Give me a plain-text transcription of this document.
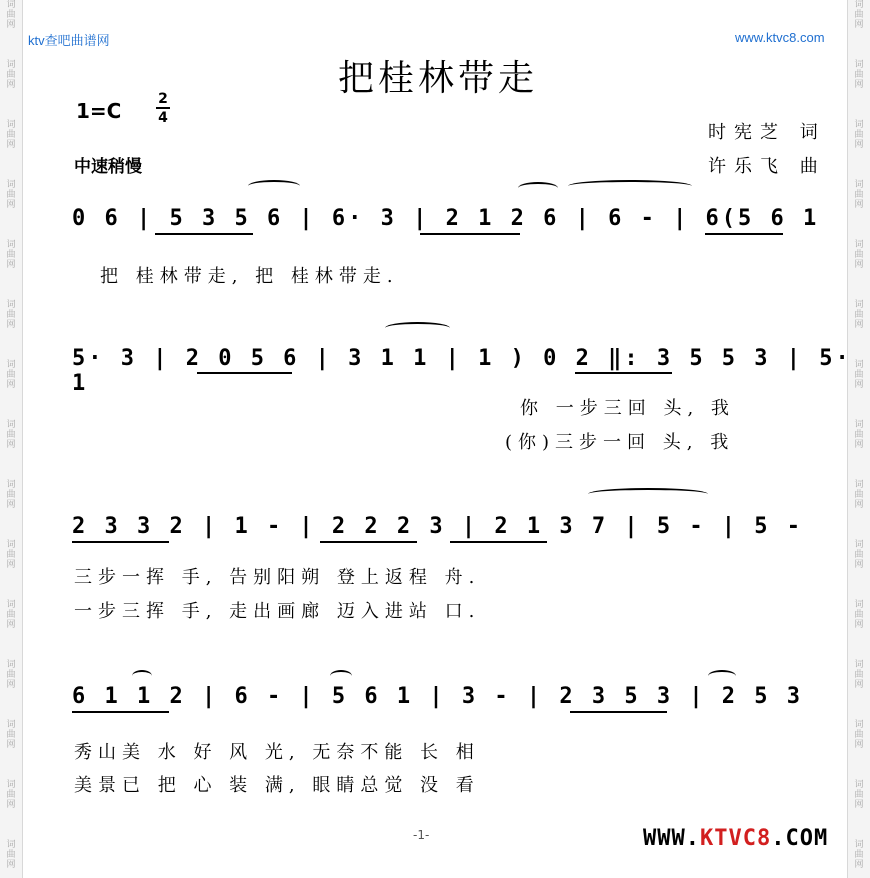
词曲网
词曲网
词曲网
词曲网
词曲网
词曲网
词曲网
词曲网
词曲网
词曲网
词曲网
词曲网
词曲网
词曲网
词曲网
词曲网
词曲网
词曲网
词曲网
词曲网
词曲网
词曲网
词曲网
词曲网
词曲网
词曲网
词曲网
词曲网
词曲网
词曲网
ktv查吧曲谱网	www.ktvc8.com
把桂林带走
1=C	2
4
中速稍慢
时宪芝 词
许乐飞 曲
0 6 | 5 3 5 6 | 6· 3 | 2 1 2 6 | 6 - | 6(5 6 1
把 桂林带走, 把 桂林带走.
5· 3 | 2 0 5 6 | 3 1 1 | 1 ) 0 2 ‖: 3 5 5 3 | 5· 1
你 一步三回 头, 我
(你)三步一回 头, 我
2 3 3 2 | 1 - | 2 2 2 3 | 2 1 3 7 | 5 - | 5 -
三步一挥 手, 告别阳朔 登上返程 舟.
一步三挥 手, 走出画廊 迈入进站 口.
6 1 1 2 | 6 - | 5 6 1 | 3 - | 2 3 5 3 | 2 5 3
秀山美 水 好 风 光, 无奈不能 长 相
美景已 把 心 装 满, 眼睛总觉 没 看
-1-	WWW.KTVC8.COM
